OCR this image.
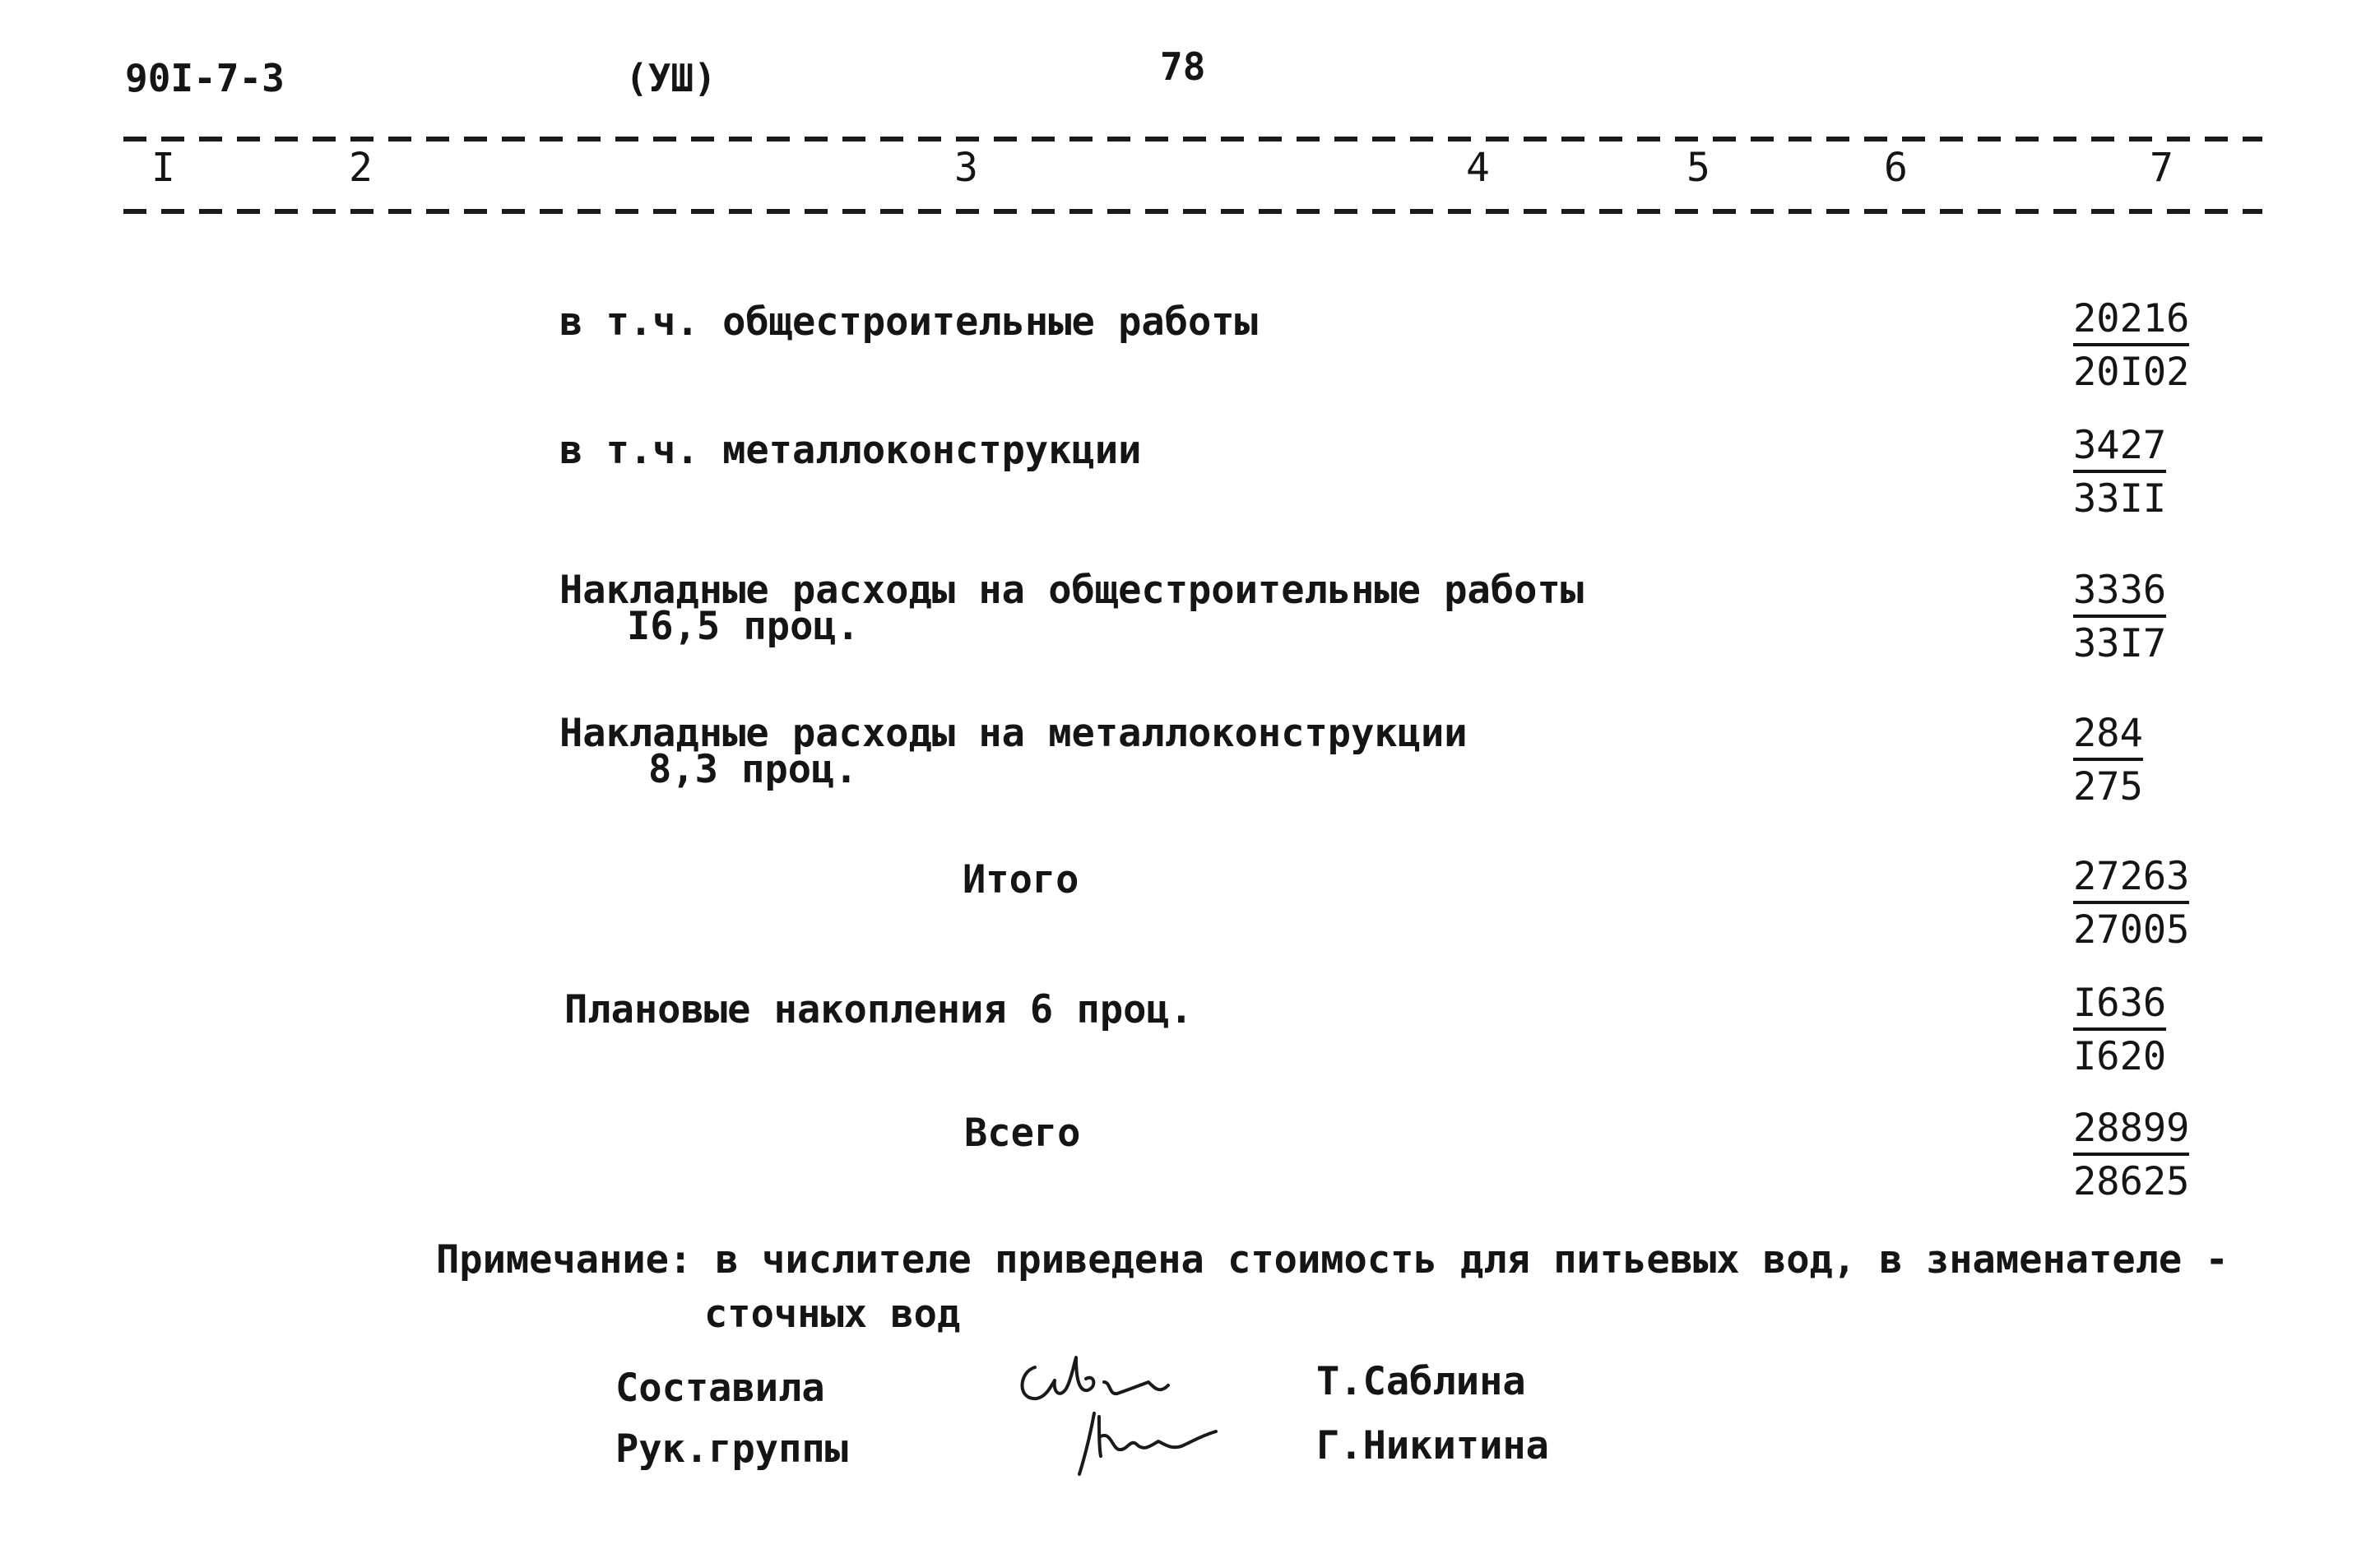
90I-7-3	(УШ)	78
I	2	3	4	5	6	7
в т.ч. общестроительные работы	$\frac{20216}{20I02}$
в т.ч. металлоконструкции	$\frac{3427}{33II}$
Накладные расходы на общестроительные работы
I6,5 проц.	$\frac{3336}{33I7}$
Накладные расходы на металлоконструкции
8,3 проц.	$\frac{284}{275}$
Итого	$\frac{27263}{27005}$
Плановые накопления 6 проц.	$\frac{I636}{I620}$
Всего	$\frac{28899}{28625}$
Примечание: в числителе приведена стоимость для питьевых вод, в знаменателе -
сточных вод
Составила	Т.Саблина
Рук.группы	Г.Никитина
